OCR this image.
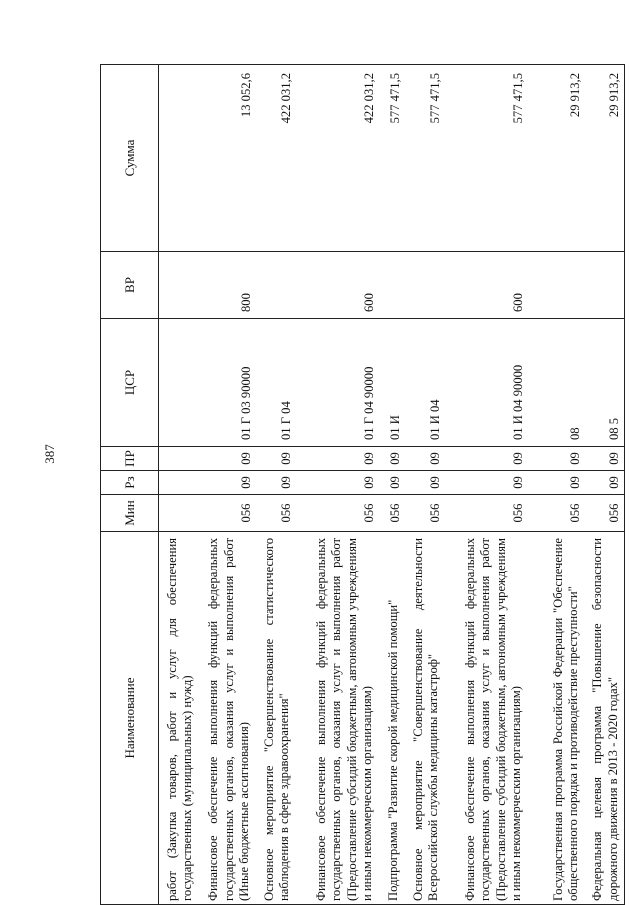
387
Наименование	Мин	Рз	ПР	ЦСР	ВР	Сумма
работ (Закупка товаров, работ и услуг для обеспечения государственных (муниципальных) нужд)						
Финансовое обеспечение выполнения функций федеральных государственных органов, оказания услуг и выполнения работ (Иные бюджетные ассигнования)	056	09	09	01 Г 03 90000	800	13 052,6
Основное мероприятие "Совершенствование статистического наблюдения в сфере здравоохранения"	056	09	09	01 Г 04		422 031,2
Финансовое обеспечение выполнения функций федеральных государственных органов, оказания услуг и выполнения работ (Предоставление субсидий бюджетным, автономным учреждениям и иным некоммерческим организациям)	056	09	09	01 Г 04 90000	600	422 031,2
Подпрограмма "Развитие скорой медицинской помощи"	056	09	09	01 И		577 471,5
Основное мероприятие "Совершенствование деятельности Всероссийской службы медицины катастроф"	056	09	09	01 И 04		577 471,5
Финансовое обеспечение выполнения функций федеральных государственных органов, оказания услуг и выполнения работ (Предоставление субсидий бюджетным, автономным учреждениям и иным некоммерческим организациям)	056	09	09	01 И 04 90000	600	577 471,5
Государственная программа Российской Федерации "Обеспечение общественного порядка и противодействие преступности"	056	09	09	08		29 913,2
Федеральная целевая программа "Повышение безопасности дорожного движения в 2013 - 2020 годах"	056	09	09	08 5		29 913,2
